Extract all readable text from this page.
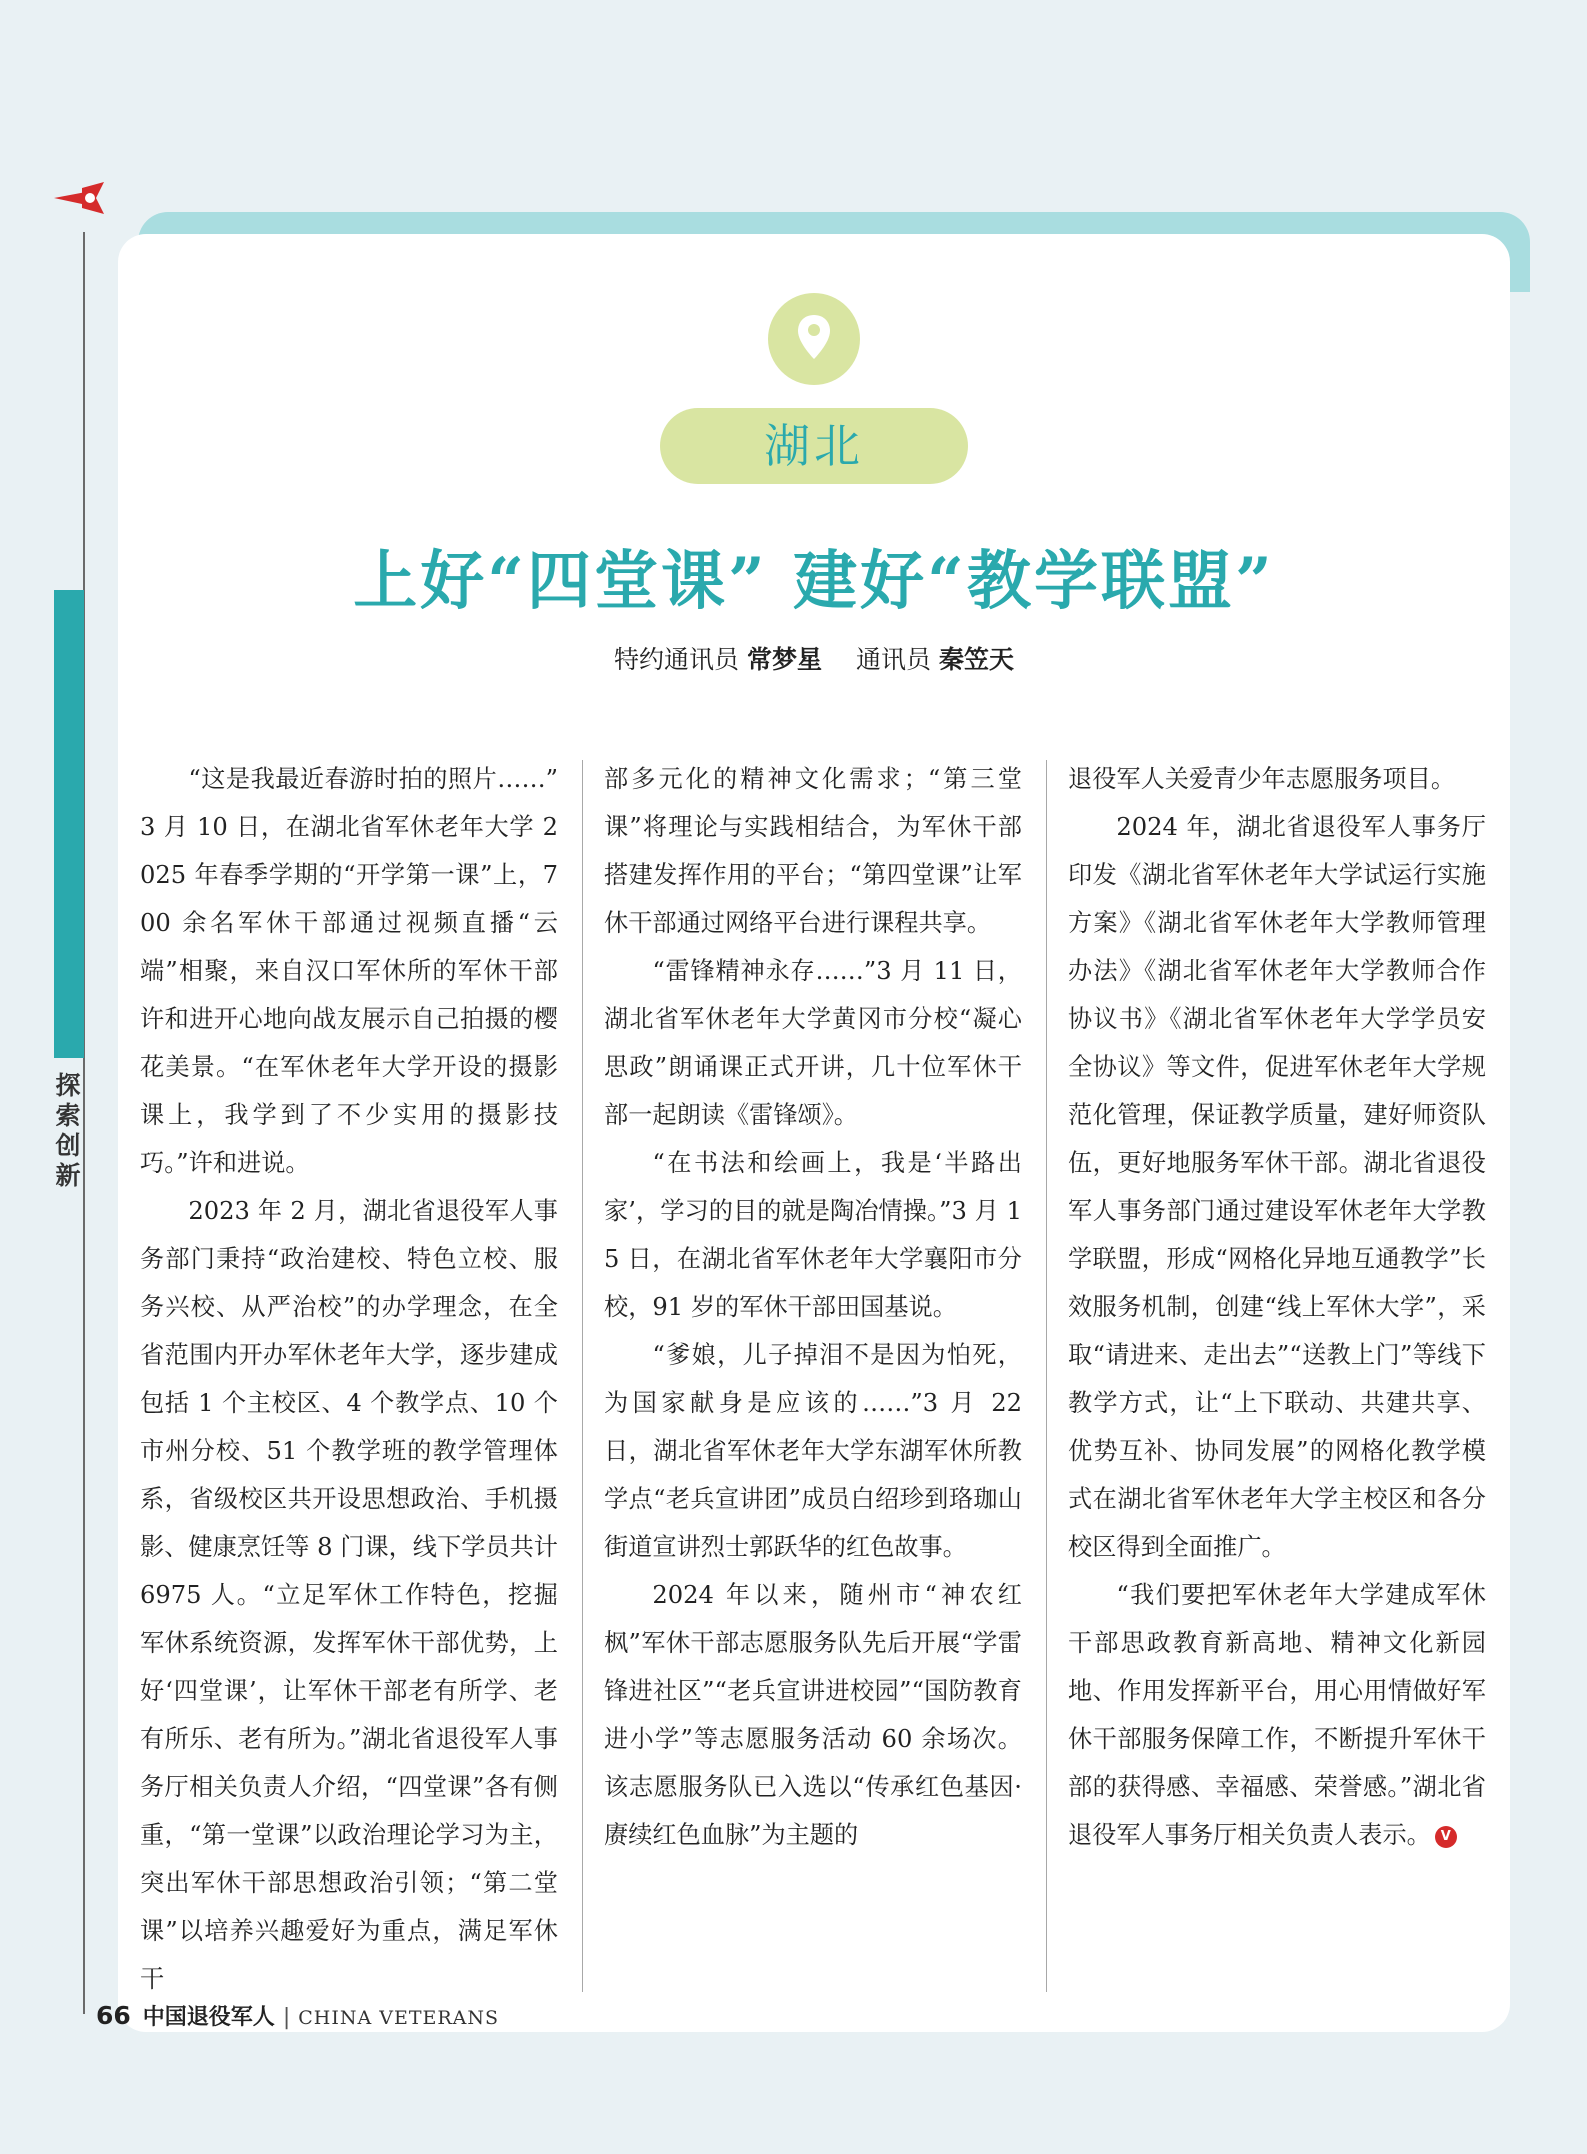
探索创新
湖北
上好“四堂课” 建好“教学联盟”
特约通讯员 常梦星 通讯员 秦笠天

“这是我最近春游时拍的照片……” 3 月 10 日，在湖北省军休老年大学 2025 年春季学期的“开学第一课”上，700 余名军休干部通过视频直播“云端”相聚，来自汉口军休所的军休干部许和进开心地向战友展示自己拍摄的樱花美景。“在军休老年大学开设的摄影课上，我学到了不少实用的摄影技巧。”许和进说。

2023 年 2 月，湖北省退役军人事务部门秉持“政治建校、特色立校、服务兴校、从严治校”的办学理念，在全省范围内开办军休老年大学，逐步建成包括 1 个主校区、4 个教学点、10 个市州分校、51 个教学班的教学管理体系，省级校区共开设思想政治、手机摄影、健康烹饪等 8 门课，线下学员共计 6975 人。“立足军休工作特色，挖掘军休系统资源，发挥军休干部优势，上好‘四堂课’，让军休干部老有所学、老有所乐、老有所为。”湖北省退役军人事务厅相关负责人介绍，“四堂课”各有侧重，“第一堂课”以政治理论学习为主，突出军休干部思想政治引领；“第二堂课”以培养兴趣爱好为重点，满足军休干

部多元化的精神文化需求；“第三堂课”将理论与实践相结合，为军休干部搭建发挥作用的平台；“第四堂课”让军休干部通过网络平台进行课程共享。

“雷锋精神永存……”3 月 11 日，湖北省军休老年大学黄冈市分校“凝心思政”朗诵课正式开讲，几十位军休干部一起朗读《雷锋颂》。

“在书法和绘画上，我是‘半路出家’，学习的目的就是陶冶情操。”3 月 15 日，在湖北省军休老年大学襄阳市分校，91 岁的军休干部田国基说。

“爹娘，儿子掉泪不是因为怕死，为国家献身是应该的……”3 月 22 日，湖北省军休老年大学东湖军休所教学点“老兵宣讲团”成员白绍珍到珞珈山街道宣讲烈士郭跃华的红色故事。

2024 年以来，随州市“神农红枫”军休干部志愿服务队先后开展“学雷锋进社区”“老兵宣讲进校园”“国防教育进小学”等志愿服务活动 60 余场次。该志愿服务队已入选以“传承红色基因·赓续红色血脉”为主题的

退役军人关爱青少年志愿服务项目。

2024 年，湖北省退役军人事务厅印发《湖北省军休老年大学试运行实施方案》《湖北省军休老年大学教师管理办法》《湖北省军休老年大学教师合作协议书》《湖北省军休老年大学学员安全协议》等文件，促进军休老年大学规范化管理，保证教学质量，建好师资队伍，更好地服务军休干部。湖北省退役军人事务部门通过建设军休老年大学教学联盟，形成“网格化异地互通教学”长效服务机制，创建“线上军休大学”，采取“请进来、走出去”“送教上门”等线下教学方式，让“上下联动、共建共享、优势互补、协同发展”的网格化教学模式在湖北省军休老年大学主校区和各分校区得到全面推广。

“我们要把军休老年大学建成军休干部思政教育新高地、精神文化新园地、作用发挥新平台，用心用情做好军休干部服务保障工作，不断提升军休干部的获得感、幸福感、荣誉感。”湖北省退役军人事务厅相关负责人表示。 V

66 中国退役军人 | CHINA VETERANS
